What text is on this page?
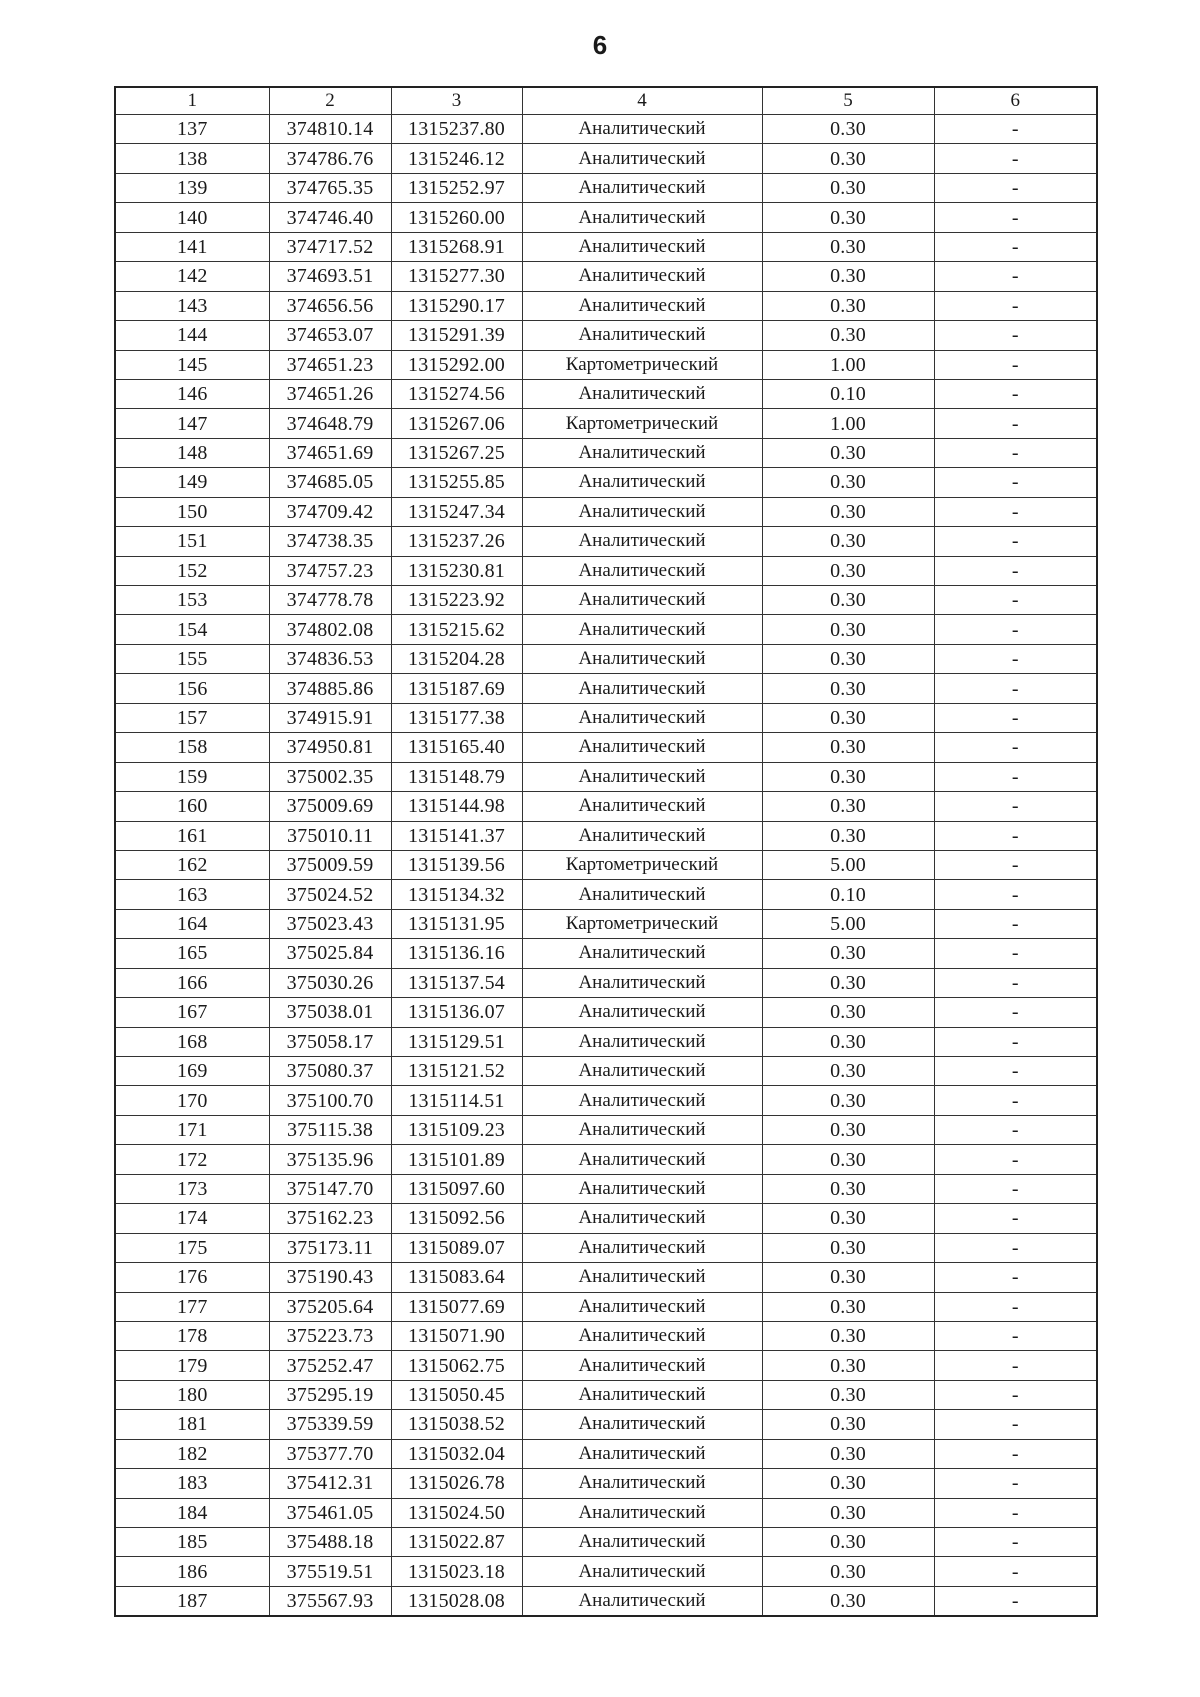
6
1	2	3	4	5	6
137	374810.14	1315237.80	Аналитический	0.30	-
138	374786.76	1315246.12	Аналитический	0.30	-
139	374765.35	1315252.97	Аналитический	0.30	-
140	374746.40	1315260.00	Аналитический	0.30	-
141	374717.52	1315268.91	Аналитический	0.30	-
142	374693.51	1315277.30	Аналитический	0.30	-
143	374656.56	1315290.17	Аналитический	0.30	-
144	374653.07	1315291.39	Аналитический	0.30	-
145	374651.23	1315292.00	Картометрический	1.00	-
146	374651.26	1315274.56	Аналитический	0.10	-
147	374648.79	1315267.06	Картометрический	1.00	-
148	374651.69	1315267.25	Аналитический	0.30	-
149	374685.05	1315255.85	Аналитический	0.30	-
150	374709.42	1315247.34	Аналитический	0.30	-
151	374738.35	1315237.26	Аналитический	0.30	-
152	374757.23	1315230.81	Аналитический	0.30	-
153	374778.78	1315223.92	Аналитический	0.30	-
154	374802.08	1315215.62	Аналитический	0.30	-
155	374836.53	1315204.28	Аналитический	0.30	-
156	374885.86	1315187.69	Аналитический	0.30	-
157	374915.91	1315177.38	Аналитический	0.30	-
158	374950.81	1315165.40	Аналитический	0.30	-
159	375002.35	1315148.79	Аналитический	0.30	-
160	375009.69	1315144.98	Аналитический	0.30	-
161	375010.11	1315141.37	Аналитический	0.30	-
162	375009.59	1315139.56	Картометрический	5.00	-
163	375024.52	1315134.32	Аналитический	0.10	-
164	375023.43	1315131.95	Картометрический	5.00	-
165	375025.84	1315136.16	Аналитический	0.30	-
166	375030.26	1315137.54	Аналитический	0.30	-
167	375038.01	1315136.07	Аналитический	0.30	-
168	375058.17	1315129.51	Аналитический	0.30	-
169	375080.37	1315121.52	Аналитический	0.30	-
170	375100.70	1315114.51	Аналитический	0.30	-
171	375115.38	1315109.23	Аналитический	0.30	-
172	375135.96	1315101.89	Аналитический	0.30	-
173	375147.70	1315097.60	Аналитический	0.30	-
174	375162.23	1315092.56	Аналитический	0.30	-
175	375173.11	1315089.07	Аналитический	0.30	-
176	375190.43	1315083.64	Аналитический	0.30	-
177	375205.64	1315077.69	Аналитический	0.30	-
178	375223.73	1315071.90	Аналитический	0.30	-
179	375252.47	1315062.75	Аналитический	0.30	-
180	375295.19	1315050.45	Аналитический	0.30	-
181	375339.59	1315038.52	Аналитический	0.30	-
182	375377.70	1315032.04	Аналитический	0.30	-
183	375412.31	1315026.78	Аналитический	0.30	-
184	375461.05	1315024.50	Аналитический	0.30	-
185	375488.18	1315022.87	Аналитический	0.30	-
186	375519.51	1315023.18	Аналитический	0.30	-
187	375567.93	1315028.08	Аналитический	0.30	-
